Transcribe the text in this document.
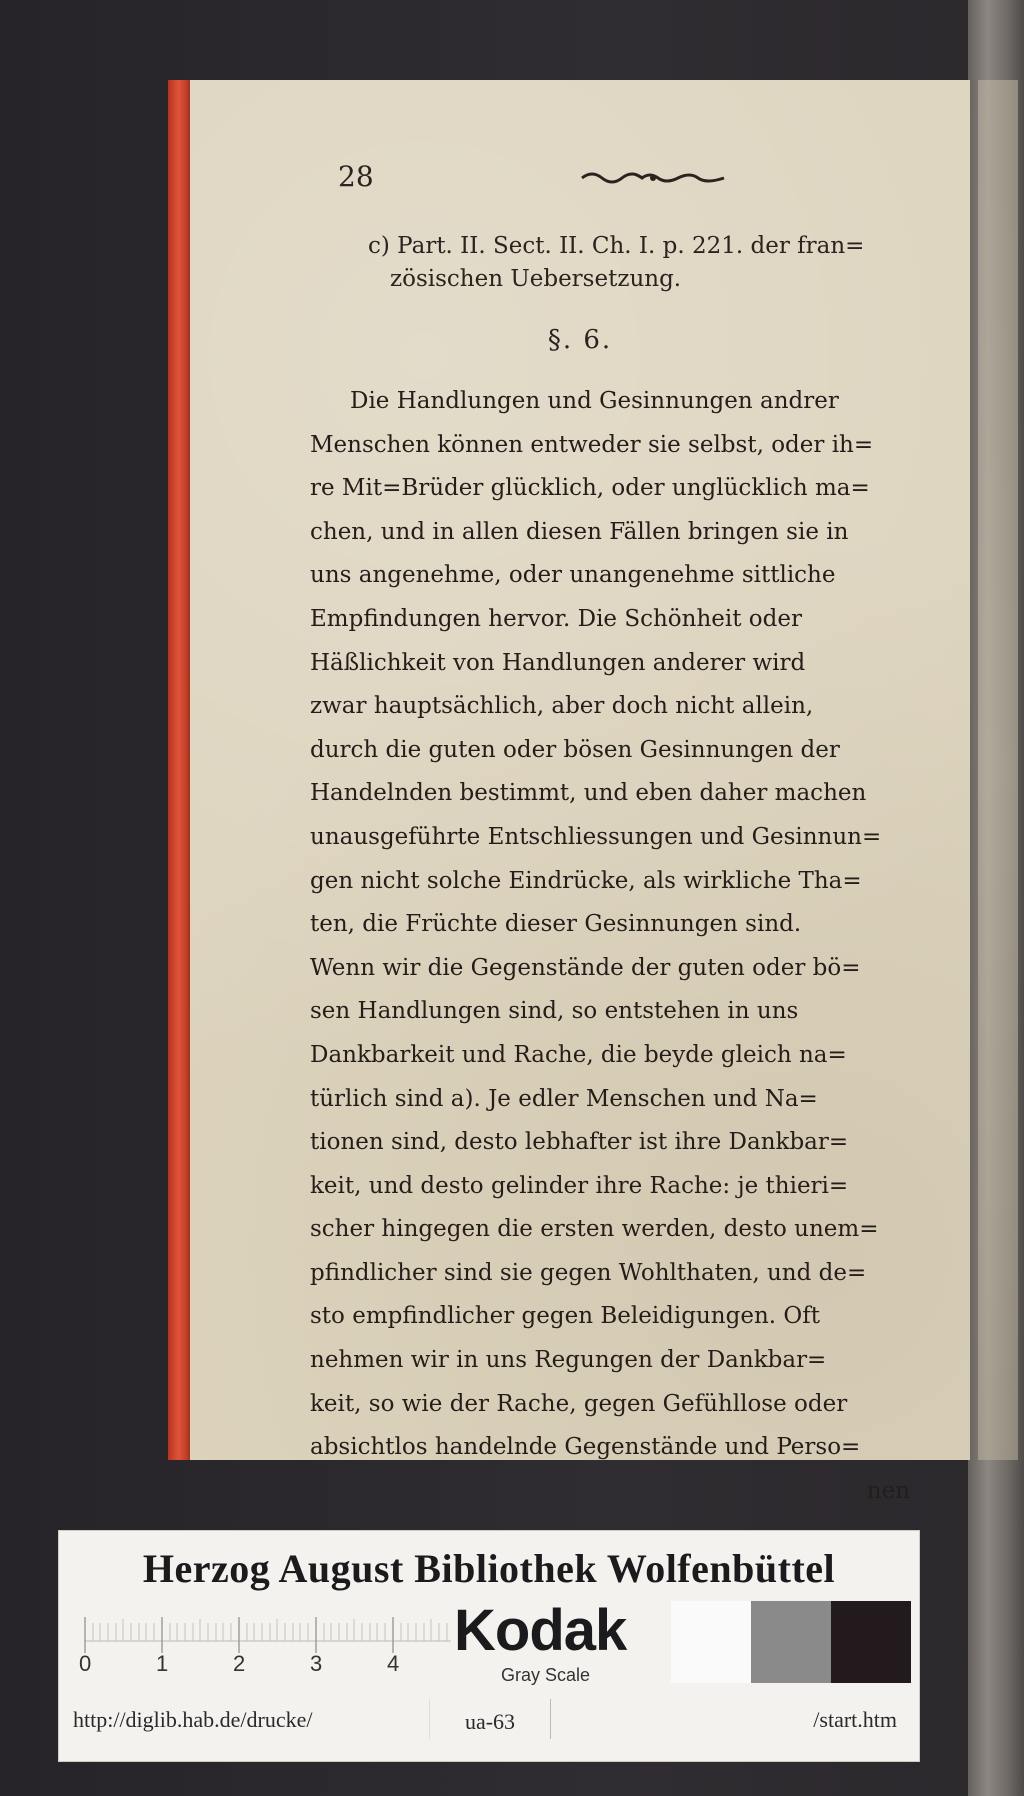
28
c) Part. II. Sect. II. Ch. I. p. 221. der fran=
zösischen Uebersetzung.
§. 6.
Die Handlungen und Gesinnungen andrer
Menschen können entweder sie selbst, oder ih=
re Mit=Brüder glücklich, oder unglücklich ma=
chen, und in allen diesen Fällen bringen sie in
uns angenehme, oder unangenehme sittliche
Empfindungen hervor. Die Schönheit oder
Häßlichkeit von Handlungen anderer wird
zwar hauptsächlich, aber doch nicht allein,
durch die guten oder bösen Gesinnungen der
Handelnden bestimmt, und eben daher machen
unausgeführte Entschliessungen und Gesinnun=
gen nicht solche Eindrücke, als wirkliche Tha=
ten, die Früchte dieser Gesinnungen sind.
Wenn wir die Gegenstände der guten oder bö=
sen Handlungen sind, so entstehen in uns
Dankbarkeit und Rache, die beyde gleich na=
türlich sind a). Je edler Menschen und Na=
tionen sind, desto lebhafter ist ihre Dankbar=
keit, und desto gelinder ihre Rache: je thieri=
scher hingegen die ersten werden, desto unem=
pfindlicher sind sie gegen Wohlthaten, und de=
sto empfindlicher gegen Beleidigungen. Oft
nehmen wir in uns Regungen der Dankbar=
keit, so wie der Rache, gegen Gefühllose oder
absichtlos handelnde Gegenstände und Perso=
nen
Herzog August Bibliothek Wolfenbüttel
0	1	2	3	4
Kodak
Gray Scale
http://diglib.hab.de/drucke/	ua-63	/start.htm
